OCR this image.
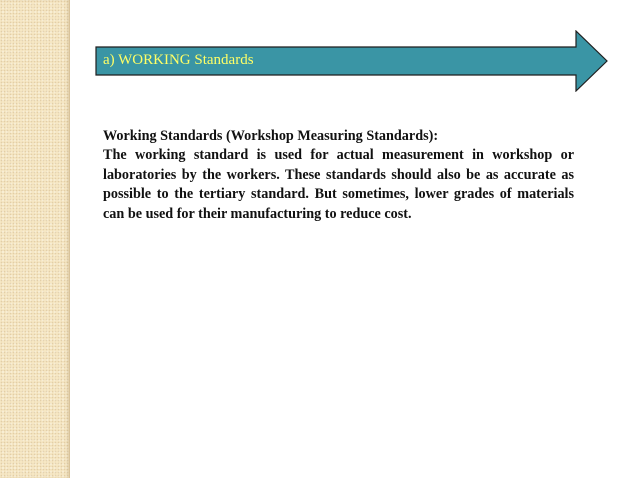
a) WORKING Standards
Working Standards (Workshop Measuring Standards):
The working standard is used for actual measurement in workshop or laboratories by the workers. These standards should also be as accurate as possible to the tertiary standard. But sometimes, lower grades of materials can be used for their manufacturing to reduce cost.
